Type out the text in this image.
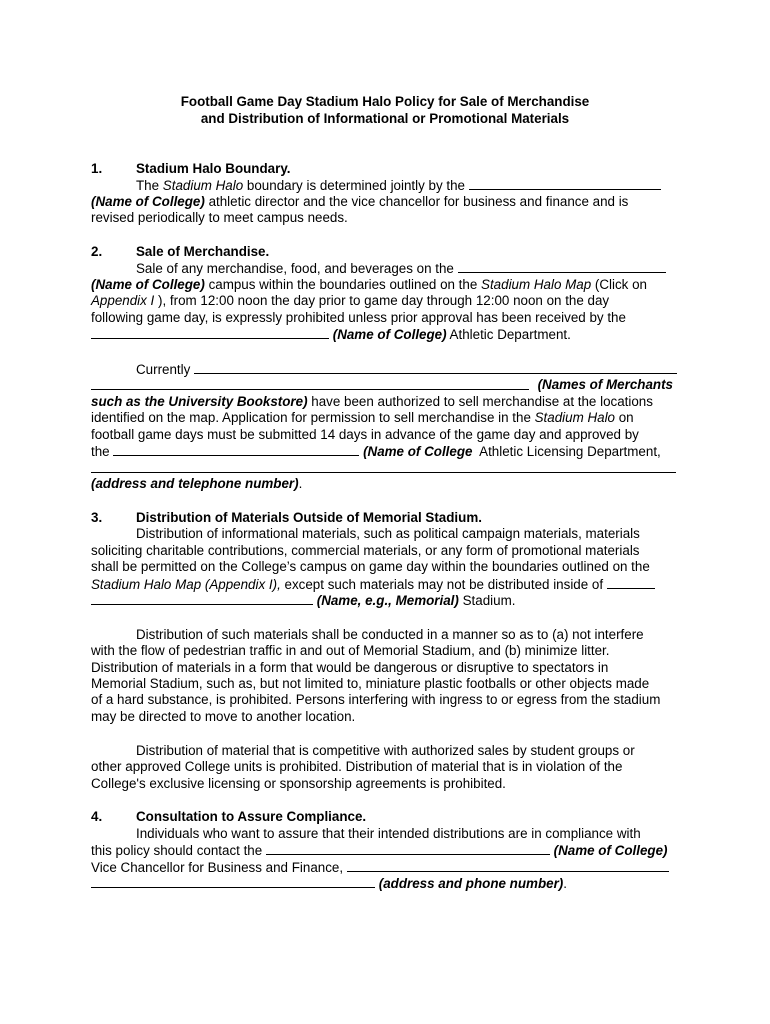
Football Game Day Stadium Halo Policy for Sale of Merchandise
and Distribution of Informational or Promotional Materials
1.	Stadium Halo Boundary.
The Stadium Halo boundary is determined jointly by the
(Name of College) athletic director and the vice chancellor for business and finance and is
revised periodically to meet campus needs.
2.	Sale of Merchandise.
Sale of any merchandise, food, and beverages on the
(Name of College) campus within the boundaries outlined on the Stadium Halo Map (Click on
Appendix I ), from 12:00 noon the day prior to game day through 12:00 noon on the day
following game day, is expressly prohibited unless prior approval has been received by the
(Name of College) Athletic Department.
Currently
(Names of Merchants
such as the University Bookstore) have been authorized to sell merchandise at the locations
identified on the map. Application for permission to sell merchandise in the Stadium Halo on
football game days must be submitted 14 days in advance of the game day and approved by
the	(Name of College  Athletic Licensing Department,
(address and telephone number).
3.	Distribution of Materials Outside of Memorial Stadium.
Distribution of informational materials, such as political campaign materials, materials
soliciting charitable contributions, commercial materials, or any form of promotional materials
shall be permitted on the College’s campus on game day within the boundaries outlined on the
Stadium Halo Map (Appendix I), except such materials may not be distributed inside of
(Name, e.g., Memorial) Stadium.
Distribution of such materials shall be conducted in a manner so as to (a) not interfere
with the flow of pedestrian traffic in and out of Memorial Stadium, and (b) minimize litter.
Distribution of materials in a form that would be dangerous or disruptive to spectators in
Memorial Stadium, such as, but not limited to, miniature plastic footballs or other objects made
of a hard substance, is prohibited. Persons interfering with ingress to or egress from the stadium
may be directed to move to another location.
Distribution of material that is competitive with authorized sales by student groups or
other approved College units is prohibited. Distribution of material that is in violation of the
College's exclusive licensing or sponsorship agreements is prohibited.
4.	Consultation to Assure Compliance.
Individuals who want to assure that their intended distributions are in compliance with
this policy should contact the	(Name of College)
Vice Chancellor for Business and Finance,
(address and phone number).
